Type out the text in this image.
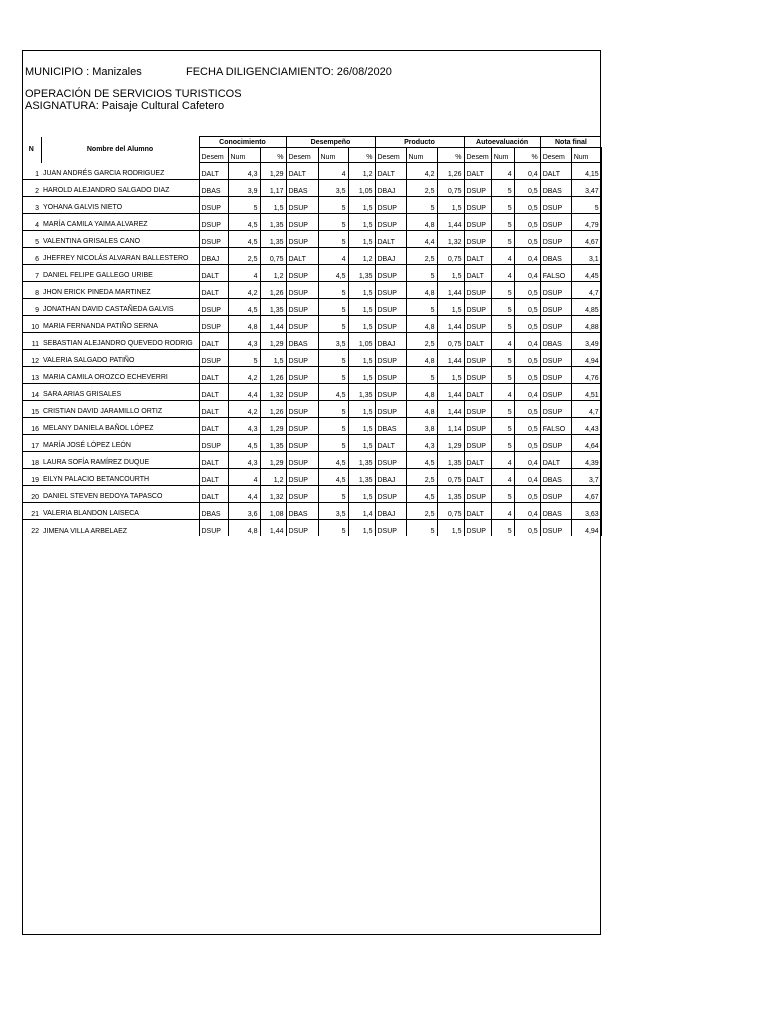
MUNICIPIO : Manizales	FECHA DILIGENCIAMIENTO: 26/08/2020
OPERACIÓN DE SERVICIOS TURISTICOS
ASIGNATURA: Paisaje Cultural Cafetero
N	Nombre del Alumno	Conocimiento			Desempeño			Producto			Autoevaluación			Nota final	
		Desem	Num	%	Desem	Num	%	Desem	Num	%	Desem	Num	%	Desem	Num
1	JUAN ANDRÉS GARCIA RODRIGUEZ	DALT	4,3	1,29	DALT	4	1,2	DALT	4,2	1,26	DALT	4	0,4	DALT	4,15
2	HAROLD ALEJANDRO SALGADO DIAZ	DBAS	3,9	1,17	DBAS	3,5	1,05	DBAJ	2,5	0,75	DSUP	5	0,5	DBAS	3,47
3	YOHANA GALVIS NIETO	DSUP	5	1,5	DSUP	5	1,5	DSUP	5	1,5	DSUP	5	0,5	DSUP	5
4	MARÍA CAMILA YAIMA ALVAREZ	DSUP	4,5	1,35	DSUP	5	1,5	DSUP	4,8	1,44	DSUP	5	0,5	DSUP	4,79
5	VALENTINA GRISALES CANO	DSUP	4,5	1,35	DSUP	5	1,5	DALT	4,4	1,32	DSUP	5	0,5	DSUP	4,67
6	JHEFREY NICOLÁS ALVARAN BALLESTERO	DBAJ	2,5	0,75	DALT	4	1,2	DBAJ	2,5	0,75	DALT	4	0,4	DBAS	3,1
7	DANIEL FELIPE GALLEGO URIBE	DALT	4	1,2	DSUP	4,5	1,35	DSUP	5	1,5	DALT	4	0,4	FALSO	4,45
8	JHON ERICK PINEDA MARTINEZ	DALT	4,2	1,26	DSUP	5	1,5	DSUP	4,8	1,44	DSUP	5	0,5	DSUP	4,7
9	JONATHAN DAVID CASTAÑEDA GALVIS	DSUP	4,5	1,35	DSUP	5	1,5	DSUP	5	1,5	DSUP	5	0,5	DSUP	4,85
10	MARIA FERNANDA PATIÑO SERNA	DSUP	4,8	1,44	DSUP	5	1,5	DSUP	4,8	1,44	DSUP	5	0,5	DSUP	4,88
11	SEBASTIAN ALEJANDRO QUEVEDO RODRIG	DALT	4,3	1,29	DBAS	3,5	1,05	DBAJ	2,5	0,75	DALT	4	0,4	DBAS	3,49
12	VALERIA SALGADO PATIÑO	DSUP	5	1,5	DSUP	5	1,5	DSUP	4,8	1,44	DSUP	5	0,5	DSUP	4,94
13	MARIA CAMILA OROZCO ECHEVERRI	DALT	4,2	1,26	DSUP	5	1,5	DSUP	5	1,5	DSUP	5	0,5	DSUP	4,76
14	SARA ARIAS GRISALES	DALT	4,4	1,32	DSUP	4,5	1,35	DSUP	4,8	1,44	DALT	4	0,4	DSUP	4,51
15	CRISTIAN DAVID JARAMILLO ORTIZ	DALT	4,2	1,26	DSUP	5	1,5	DSUP	4,8	1,44	DSUP	5	0,5	DSUP	4,7
16	MELANY DANIELA BAÑOL LÓPEZ	DALT	4,3	1,29	DSUP	5	1,5	DBAS	3,8	1,14	DSUP	5	0,5	FALSO	4,43
17	MARÍA JOSÉ LÓPEZ LEÓN	DSUP	4,5	1,35	DSUP	5	1,5	DALT	4,3	1,29	DSUP	5	0,5	DSUP	4,64
18	LAURA SOFÍA RAMÍREZ DUQUE	DALT	4,3	1,29	DSUP	4,5	1,35	DSUP	4,5	1,35	DALT	4	0,4	DALT	4,39
19	EILYN PALACIO BETANCOURTH	DALT	4	1,2	DSUP	4,5	1,35	DBAJ	2,5	0,75	DALT	4	0,4	DBAS	3,7
20	DANIEL STEVEN BEDOYA TAPASCO	DALT	4,4	1,32	DSUP	5	1,5	DSUP	4,5	1,35	DSUP	5	0,5	DSUP	4,67
21	VALERIA BLANDON LAISECA	DBAS	3,6	1,08	DBAS	3,5	1,4	DBAJ	2,5	0,75	DALT	4	0,4	DBAS	3,63
22	JIMENA VILLA ARBELAEZ	DSUP	4,8	1,44	DSUP	5	1,5	DSUP	5	1,5	DSUP	5	0,5	DSUP	4,94
